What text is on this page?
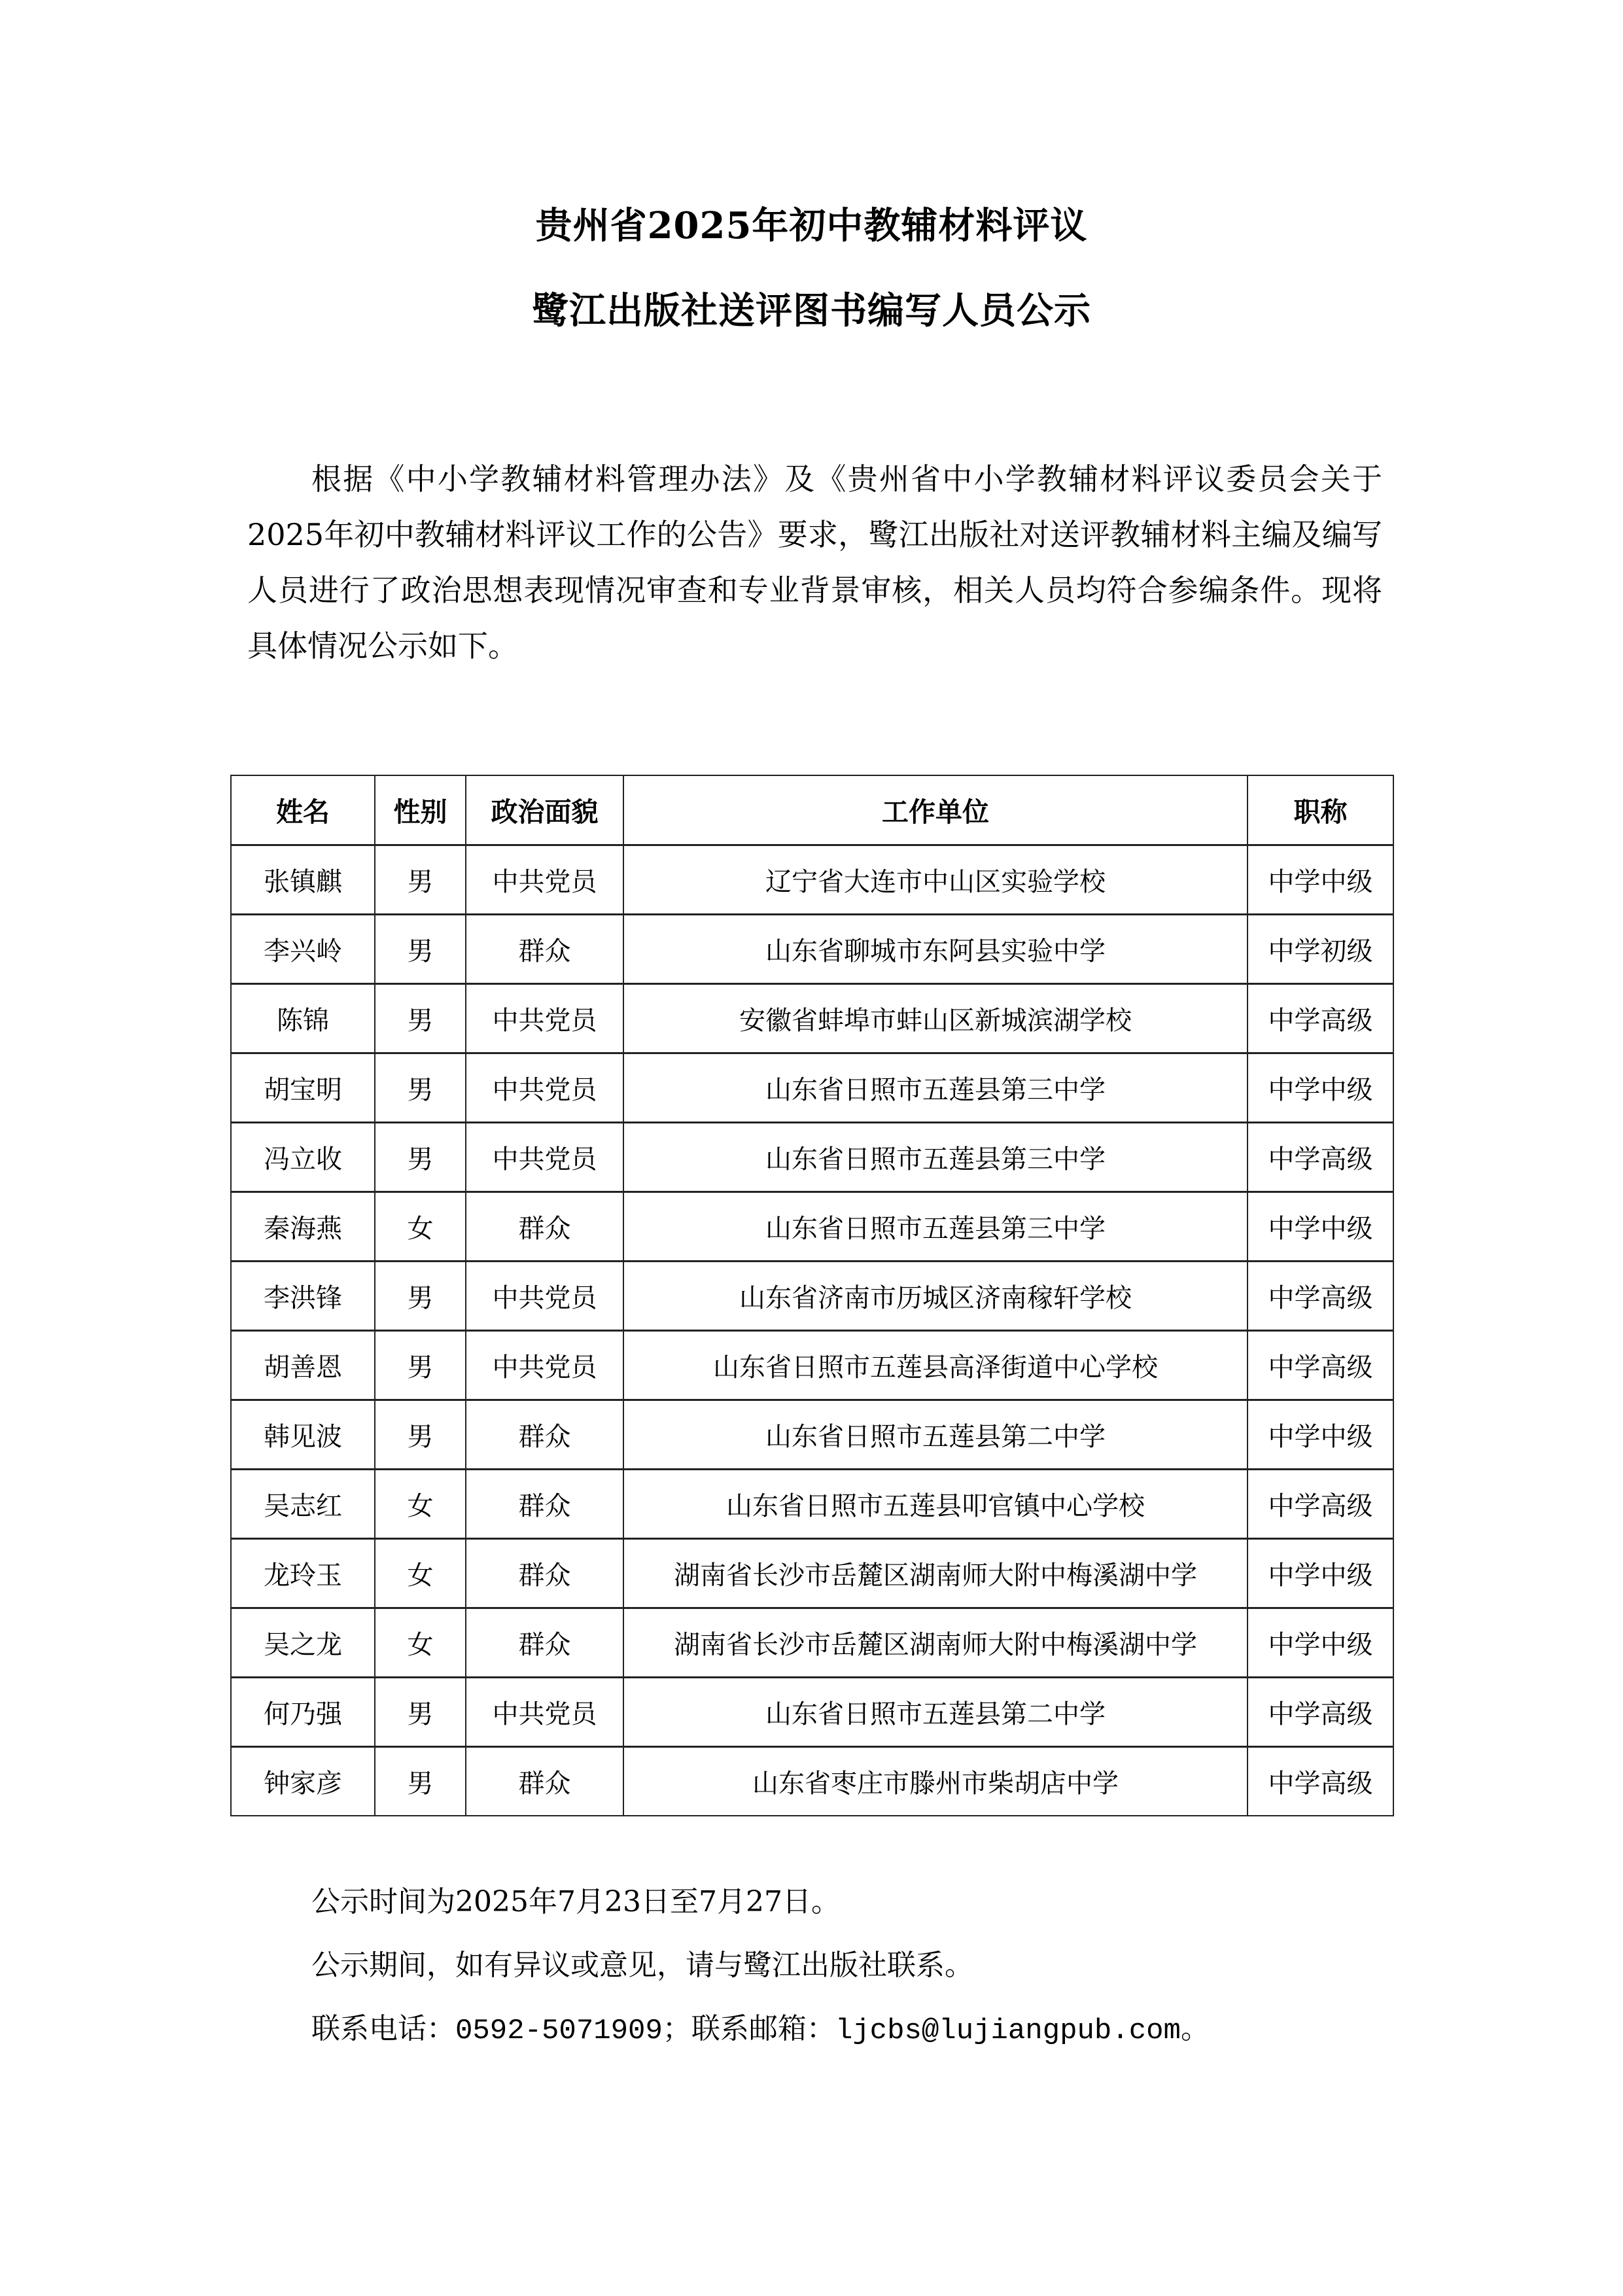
贵州省2025年初中教辅材料评议
鹭江出版社送评图书编写人员公示
根据《中小学教辅材料管理办法》及《贵州省中小学教辅材料评议委员会关于2025年初中教辅材料评议工作的公告》要求，鹭江出版社对送评教辅材料主编及编写人员进行了政治思想表现情况审查和专业背景审核，相关人员均符合参编条件。现将具体情况公示如下。
姓名	性别	政治面貌	工作单位	职称
张镇麒	男	中共党员	辽宁省大连市中山区实验学校	中学中级
李兴岭	男	群众	山东省聊城市东阿县实验中学	中学初级
陈锦	男	中共党员	安徽省蚌埠市蚌山区新城滨湖学校	中学高级
胡宝明	男	中共党员	山东省日照市五莲县第三中学	中学中级
冯立收	男	中共党员	山东省日照市五莲县第三中学	中学高级
秦海燕	女	群众	山东省日照市五莲县第三中学	中学中级
李洪锋	男	中共党员	山东省济南市历城区济南稼轩学校	中学高级
胡善恩	男	中共党员	山东省日照市五莲县高泽街道中心学校	中学高级
韩见波	男	群众	山东省日照市五莲县第二中学	中学中级
吴志红	女	群众	山东省日照市五莲县叩官镇中心学校	中学高级
龙玲玉	女	群众	湖南省长沙市岳麓区湖南师大附中梅溪湖中学	中学中级
吴之龙	女	群众	湖南省长沙市岳麓区湖南师大附中梅溪湖中学	中学中级
何乃强	男	中共党员	山东省日照市五莲县第二中学	中学高级
钟家彦	男	群众	山东省枣庄市滕州市柴胡店中学	中学高级
公示时间为2025年7月23日至7月27日。
公示期间，如有异议或意见，请与鹭江出版社联系。
联系电话：0592-5071909；联系邮箱：ljcbs@lujiangpub.com。
